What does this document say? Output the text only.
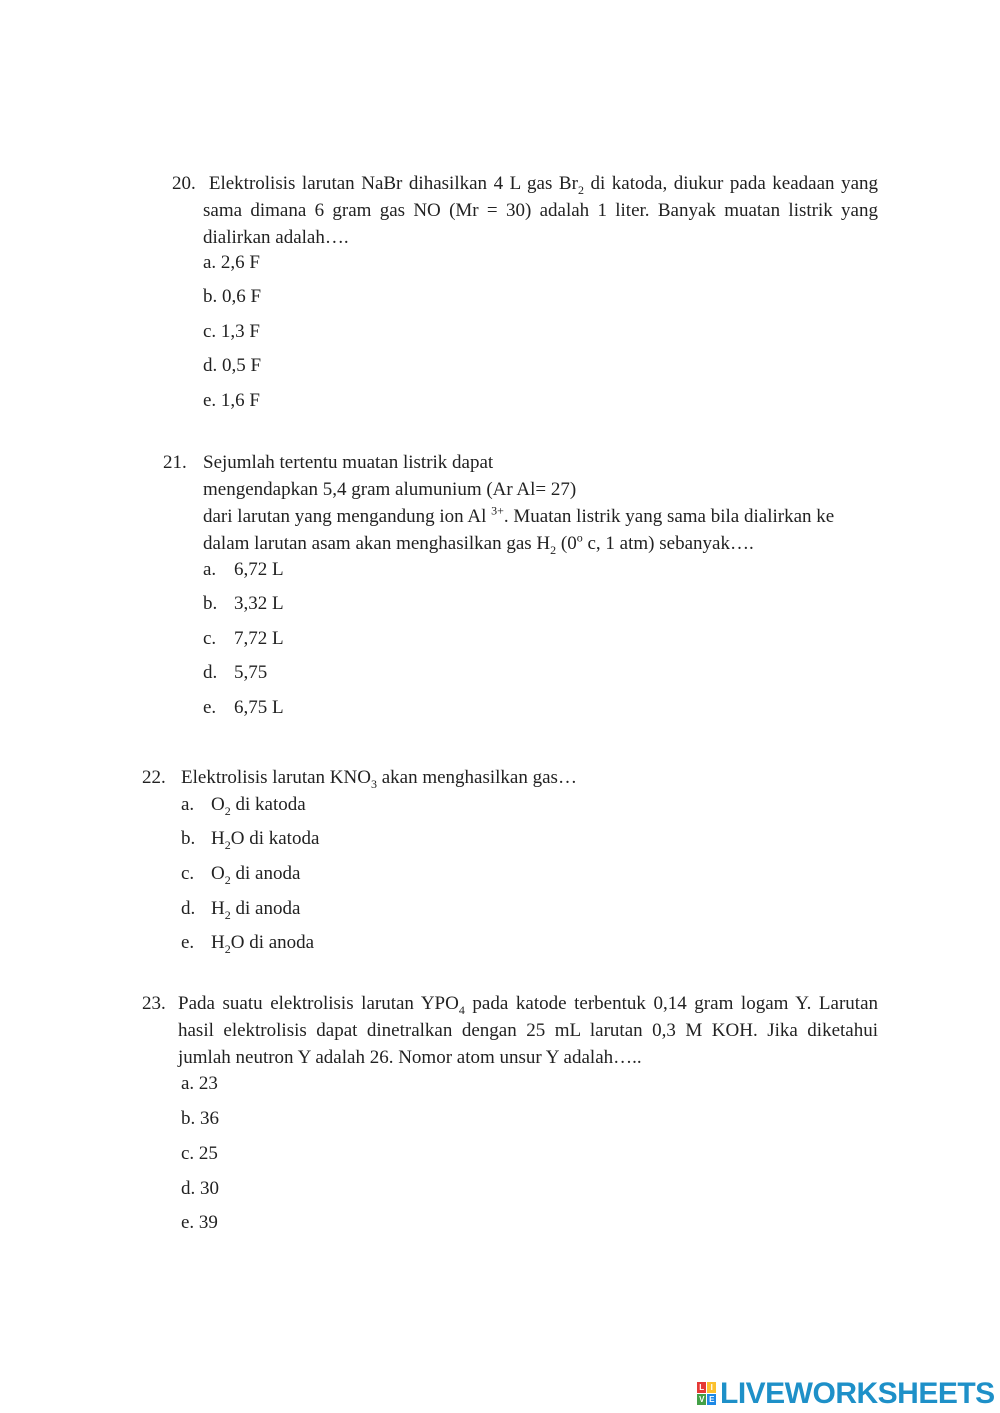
20. Elektrolisis larutan NaBr dihasilkan 4 L gas $Br_2$ di katoda, diukur pada keadaan yang sama dimana 6 gram gas NO (Mr = 30) adalah 1 liter. Banyak muatan listrik yang dialirkan adalah….

a. 2,6 F
b. 0,6 F
c. 1,3 F
d. 0,5 F
e. 1,6 F
21. Sejumlah tertentu muatan listrik dapat
mengendapkan 5,4 gram alumunium (Ar Al= 27)
dari larutan yang mengandung ion Al $^{3+}$. Muatan listrik yang sama bila dialirkan ke
dalam larutan asam akan menghasilkan gas $H_2$ (0$^o$ c, 1 atm) sebanyak….
a. 6,72 L
b. 3,32 L
c. 7,72 L
d. 5,75
e. 6,75 L
22. Elektrolisis larutan $KNO_3$ akan menghasilkan gas…
a. $O_2$ di katoda
b. $H_2O$ di katoda
c. $O_2$ di anoda
d. $H_2$ di anoda
e. $H_2O$ di anoda

23. Pada suatu elektrolisis larutan $YPO_4$ pada katode terbentuk 0,14 gram logam Y. Larutan hasil elektrolisis dapat dinetralkan dengan 25 mL larutan 0,3 M KOH. Jika diketahui jumlah neutron Y adalah 26. Nomor atom unsur Y adalah…..

a. 23
b. 36
c. 25
d. 30
e. 39
L I
V E LIVEWORKSHEETS
